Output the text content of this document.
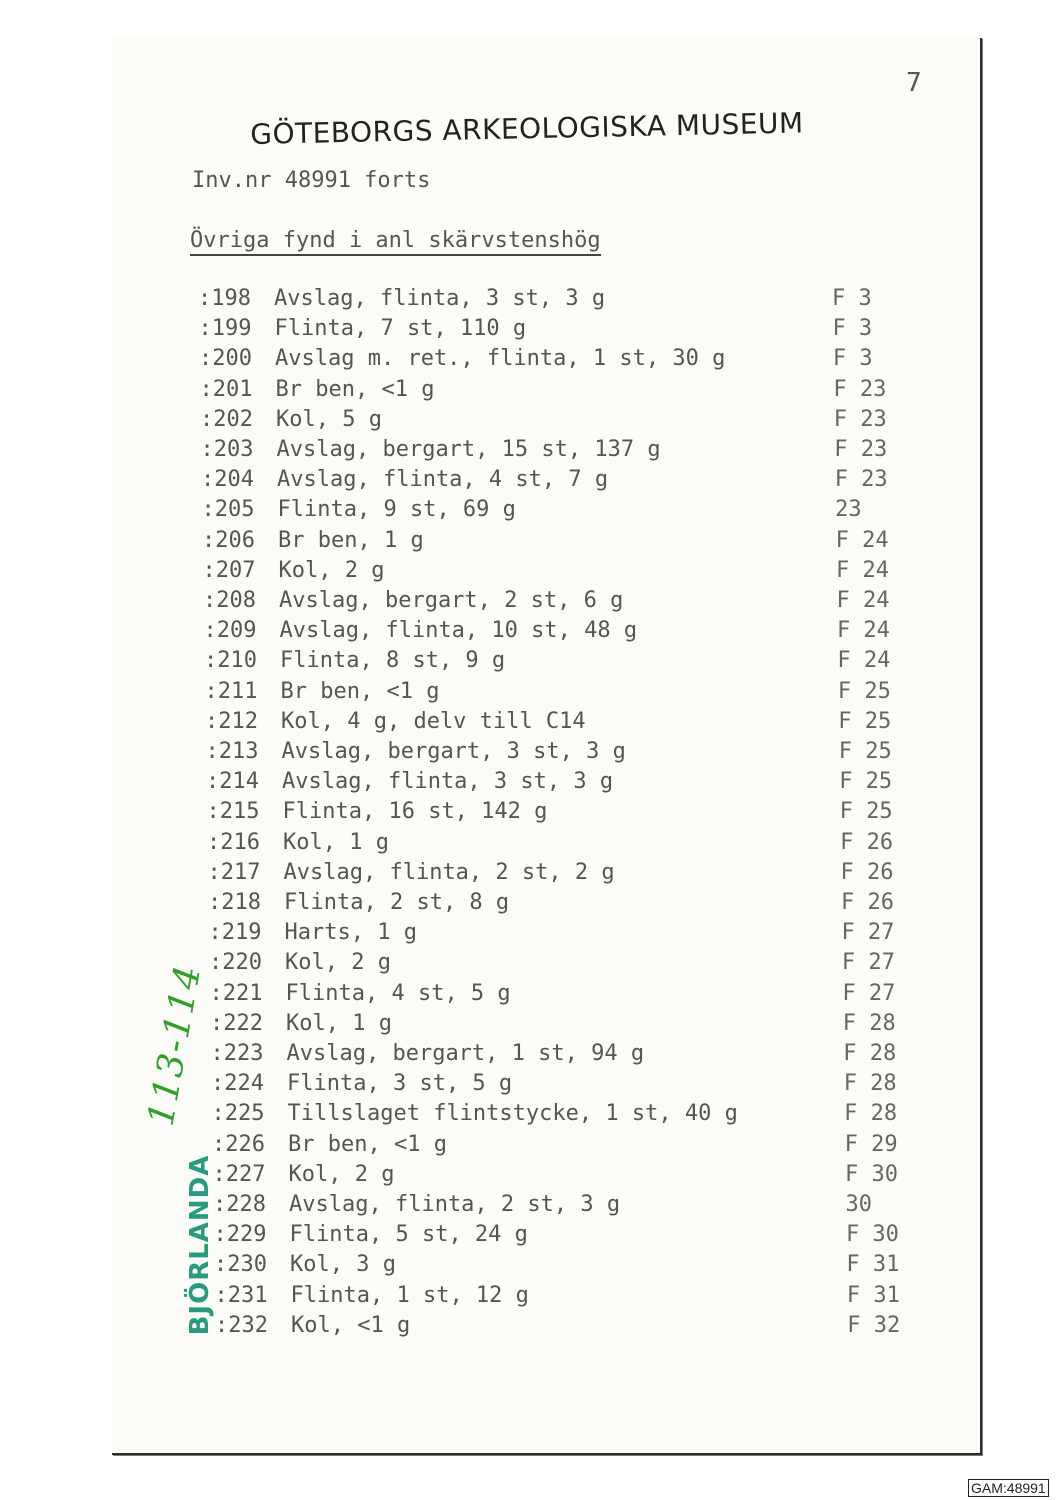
7
GÖTEBORGS ARKEOLOGISKA MUSEUM
Inv.nr 48991 forts
Övriga fynd i anl skärvstenshög
:198 Avslag, flinta, 3 st, 3 g	F 3
:199 Flinta, 7 st, 110 g	F 3
:200 Avslag m. ret., flinta, 1 st, 30 g	F 3
:201 Br ben, <1 g	F 23
:202 Kol, 5 g	F 23
:203 Avslag, bergart, 15 st, 137 g	F 23
:204 Avslag, flinta, 4 st, 7 g	F 23
:205 Flinta, 9 st, 69 g	23
:206 Br ben, 1 g	F 24
:207 Kol, 2 g	F 24
:208 Avslag, bergart, 2 st, 6 g	F 24
:209 Avslag, flinta, 10 st, 48 g	F 24
:210 Flinta, 8 st, 9 g	F 24
:211 Br ben, <1 g	F 25
:212 Kol, 4 g, delv till C14	F 25
:213 Avslag, bergart, 3 st, 3 g	F 25
:214 Avslag, flinta, 3 st, 3 g	F 25
:215 Flinta, 16 st, 142 g	F 25
:216 Kol, 1 g	F 26
:217 Avslag, flinta, 2 st, 2 g	F 26
:218 Flinta, 2 st, 8 g	F 26
:219 Harts, 1 g	F 27
:220 Kol, 2 g	F 27
:221 Flinta, 4 st, 5 g	F 27
:222 Kol, 1 g	F 28
:223 Avslag, bergart, 1 st, 94 g	F 28
:224 Flinta, 3 st, 5 g	F 28
:225 Tillslaget flintstycke, 1 st, 40 g	F 28
:226 Br ben, <1 g	F 29
:227 Kol, 2 g	F 30
:228 Avslag, flinta, 2 st, 3 g	30
:229 Flinta, 5 st, 24 g	F 30
:230 Kol, 3 g	F 31
:231 Flinta, 1 st, 12 g	F 31
:232 Kol, <1 g	F 32
BJÖRLANDA
113-114
GAM:48991
